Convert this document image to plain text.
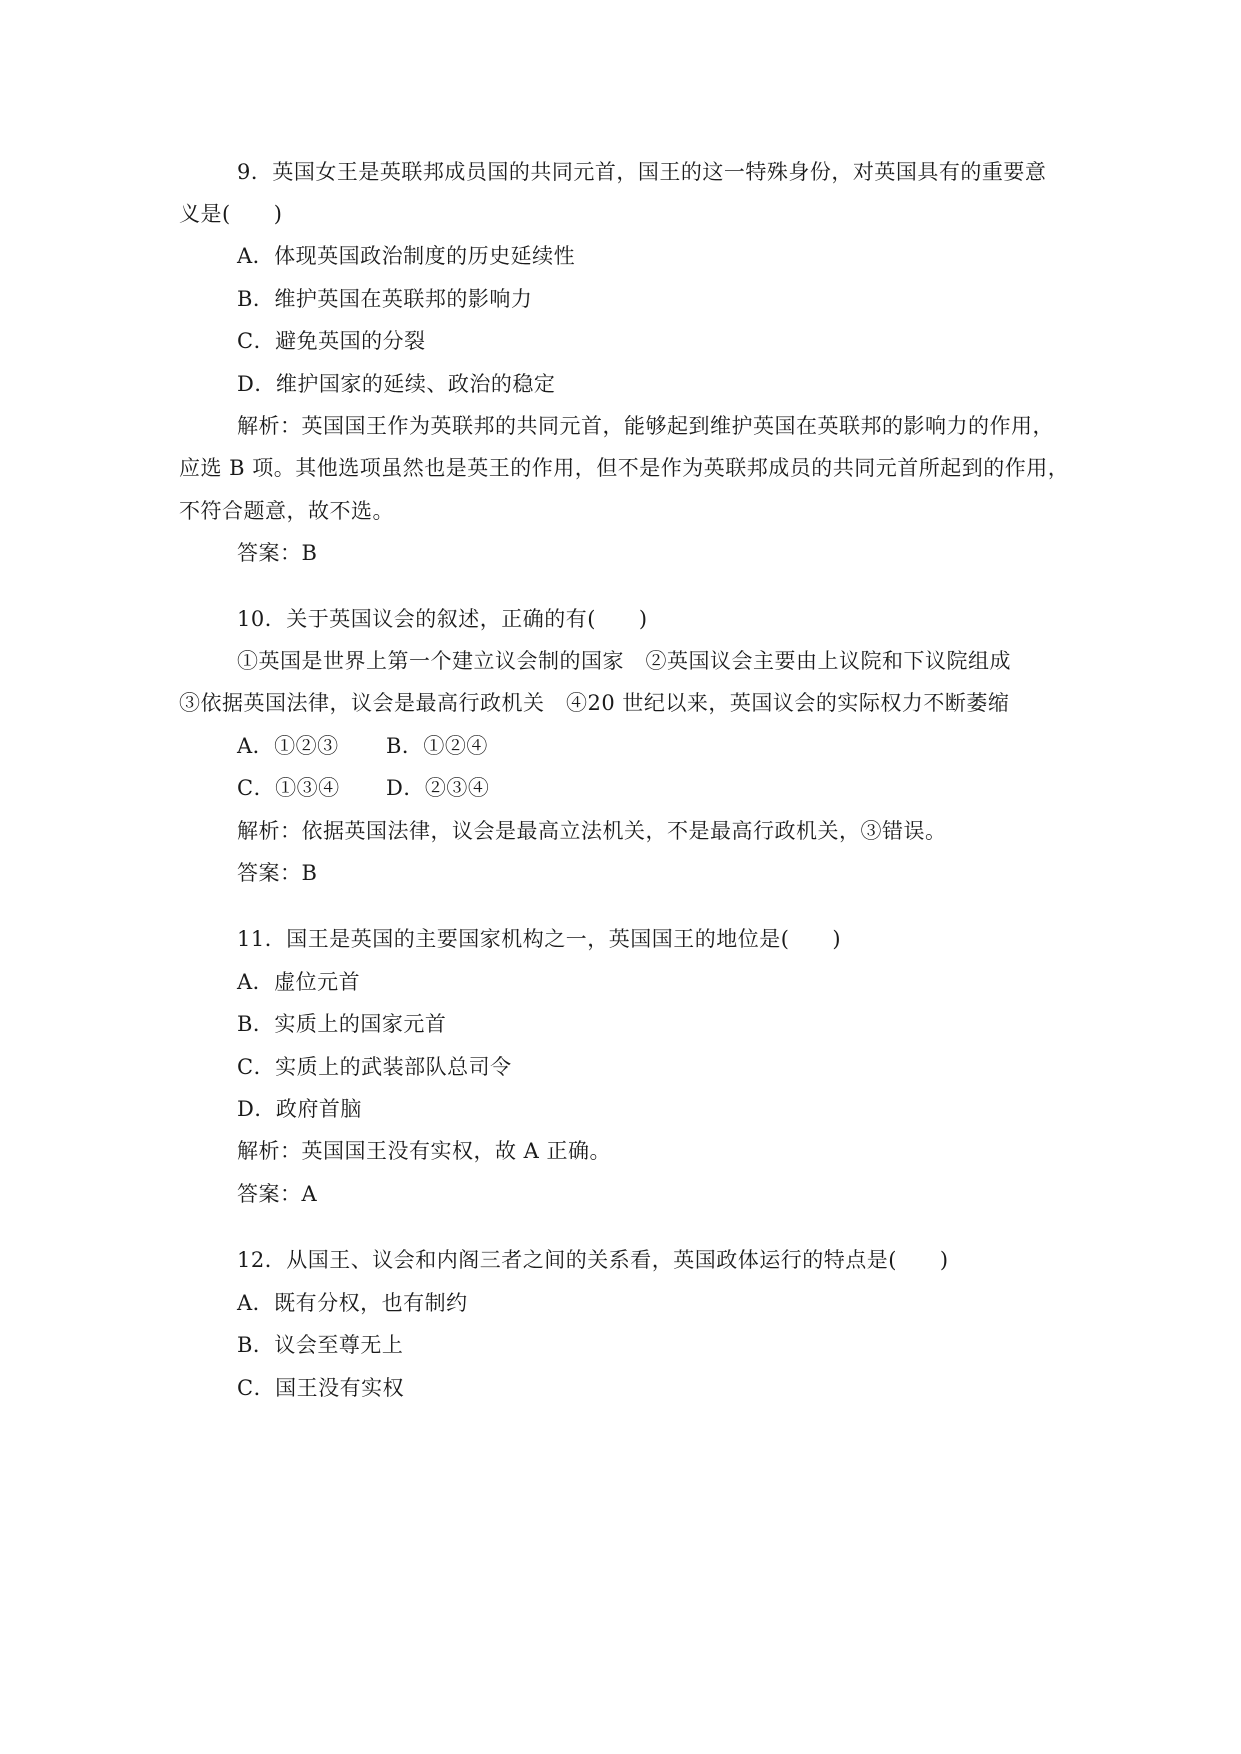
9．英国女王是英联邦成员国的共同元首，国王的这一特殊身份，对英国具有的重要意
义是(　　)
A．体现英国政治制度的历史延续性
B．维护英国在英联邦的影响力
C．避免英国的分裂
D．维护国家的延续、政治的稳定
解析：英国国王作为英联邦的共同元首，能够起到维护英国在英联邦的影响力的作用，
应选 B 项。其他选项虽然也是英王的作用，但不是作为英联邦成员的共同元首所起到的作用，
不符合题意，故不选。
答案：B
10．关于英国议会的叙述，正确的有(　　)
①英国是世界上第一个建立议会制的国家　②英国议会主要由上议院和下议院组成
③依据英国法律，议会是最高行政机关　④20 世纪以来，英国议会的实际权力不断萎缩
A．①②③ B．①②④
C．①③④ D．②③④
解析：依据英国法律，议会是最高立法机关，不是最高行政机关，③错误。
答案：B
11．国王是英国的主要国家机构之一，英国国王的地位是(　　)
A．虚位元首
B．实质上的国家元首
C．实质上的武装部队总司令
D．政府首脑
解析：英国国王没有实权，故 A 正确。
答案：A
12．从国王、议会和内阁三者之间的关系看，英国政体运行的特点是(　　)
A．既有分权，也有制约
B．议会至尊无上
C．国王没有实权
